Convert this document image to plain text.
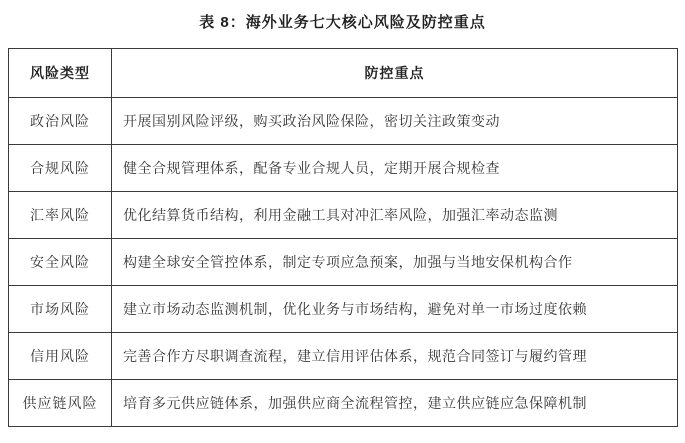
表 8：海外业务七大核心风险及防控重点
风险类型	防控重点
政治风险	开展国别风险评级，购买政治风险保险，密切关注政策变动
合规风险	健全合规管理体系，配备专业合规人员，定期开展合规检查
汇率风险	优化结算货币结构，利用金融工具对冲汇率风险，加强汇率动态监测
安全风险	构建全球安全管控体系，制定专项应急预案，加强与当地安保机构合作
市场风险	建立市场动态监测机制，优化业务与市场结构，避免对单一市场过度依赖
信用风险	完善合作方尽职调查流程，建立信用评估体系，规范合同签订与履约管理
供应链风险	培育多元供应链体系，加强供应商全流程管控，建立供应链应急保障机制
